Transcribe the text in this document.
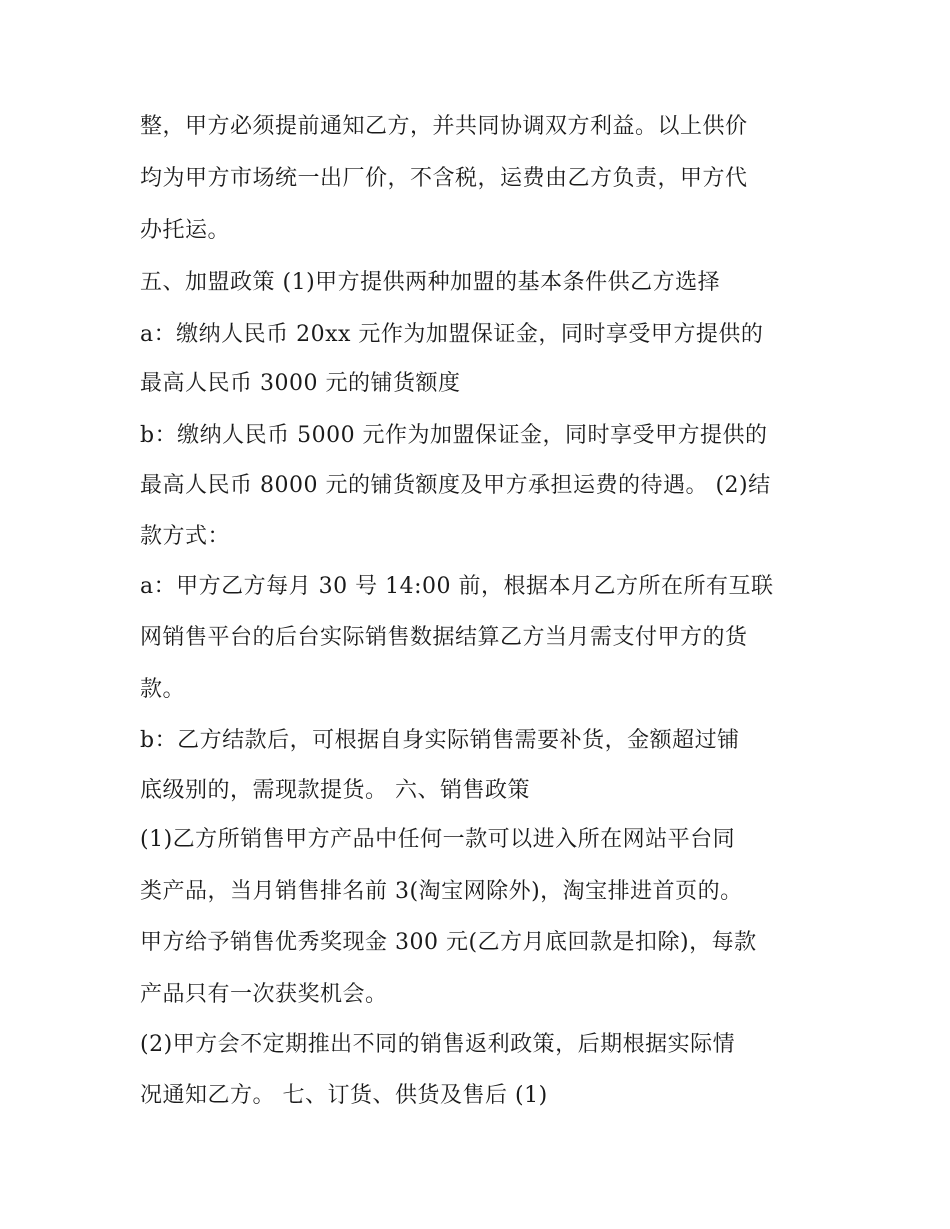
整，甲方必须提前通知乙方，并共同协调双方利益。以上供价
均为甲方市场统一出厂价，不含税，运费由乙方负责，甲方代
办托运。
五、加盟政策 (1)甲方提供两种加盟的基本条件供乙方选择
a：缴纳人民币 20xx 元作为加盟保证金，同时享受甲方提供的
最高人民币 3000 元的铺货额度
b：缴纳人民币 5000 元作为加盟保证金，同时享受甲方提供的
最高人民币 8000 元的铺货额度及甲方承担运费的待遇。 (2)结
款方式：
a：甲方乙方每月 30 号 14:00 前，根据本月乙方所在所有互联
网销售平台的后台实际销售数据结算乙方当月需支付甲方的货
款。
b：乙方结款后，可根据自身实际销售需要补货，金额超过铺
底级别的，需现款提货。 六、销售政策
(1)乙方所销售甲方产品中任何一款可以进入所在网站平台同
类产品，当月销售排名前 3(淘宝网除外)，淘宝排进首页的。
甲方给予销售优秀奖现金 300 元(乙方月底回款是扣除)，每款
产品只有一次获奖机会。
(2)甲方会不定期推出不同的销售返利政策，后期根据实际情
况通知乙方。 七、订货、供货及售后 (1)
